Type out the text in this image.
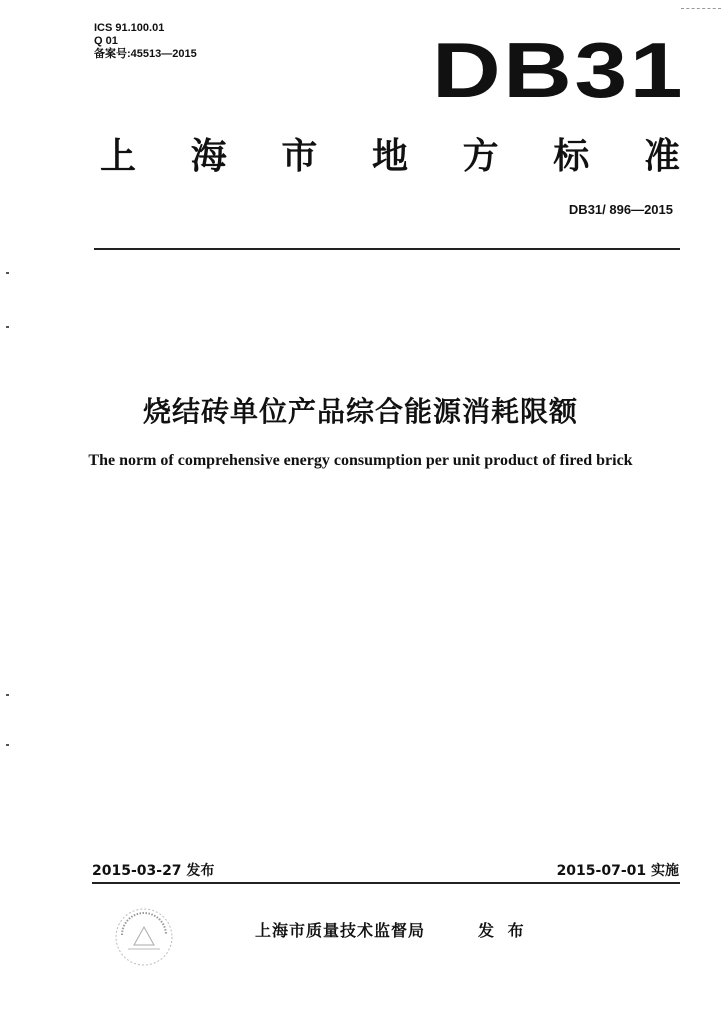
ICS 91.100.01
Q 01
备案号:45513—2015	DB31
上 海 市 地 方 标 准
DB31/ 896—2015
烧结砖单位产品综合能源消耗限额
The norm of comprehensive energy consumption per unit product of fired brick
2015-03-27 发布	2015-07-01 实施
上海市质量技术监督局	发 布
